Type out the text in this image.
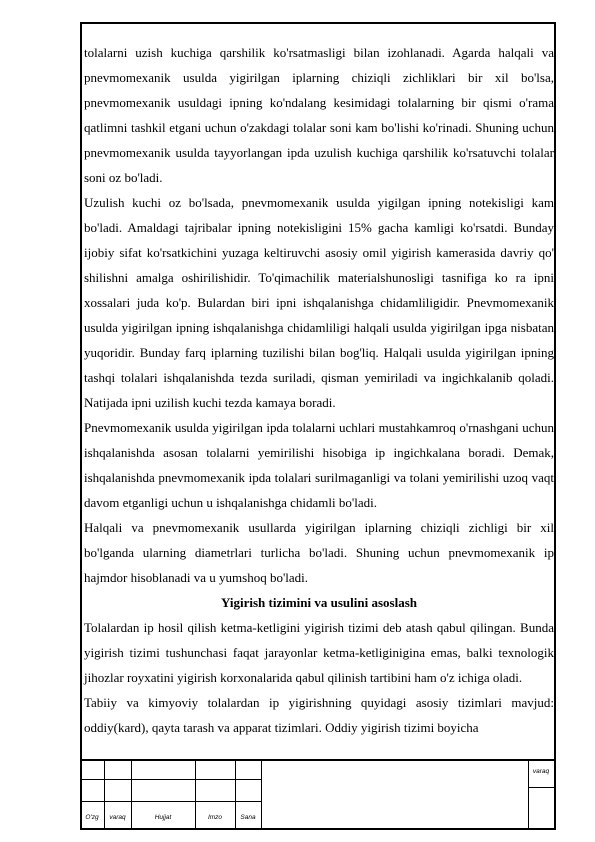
tolalarni uzish kuchiga qarshilik ko'rsatmasligi bilan izohlanadi. Agarda halqali va pnevmomexanik usulda yigirilgan iplarning chiziqli zichliklari bir xil bo'lsa, pnevmomexanik usuldagi ipning ko'ndalang kesimidagi tolalarning bir qismi o'rama qatlimni tashkil etgani uchun o'zakdagi tolalar soni kam bo'lishi ko'rinadi. Shuning uchun pnevmomexanik usulda tayyorlangan ipda uzulish kuchiga qarshilik ko'rsatuvchi tolalar soni oz bo'ladi.

Uzulish kuchi oz bo'lsada, pnevmomexanik usulda yigilgan ipning notekisligi kam bo'ladi. Amaldagi tajribalar ipning notekisligini 15% gacha kamligi ko'rsatdi. Bunday ijobiy sifat ko'rsatkichini yuzaga keltiruvchi asosiy omil yigirish kamerasida davriy qo' shilishni amalga oshirilishidir. To'qimachilik materialshunosligi tasnifiga ko ra ipni xossalari juda ko'p. Bulardan biri ipni ishqalanishga chidamliligidir. Pnevmomexanik usulda yigirilgan ipning ishqalanishga chidamliligi halqali usulda yigirilgan ipga nisbatan yuqoridir. Bunday farq iplarning tuzilishi bilan bog'liq. Halqali usulda yigirilgan ipning tashqi tolalari ishqalanishda tezda suriladi, qisman yemiriladi va ingichkalanib qoladi. Natijada ipni uzilish kuchi tezda kamaya boradi.

Pnevmomexanik usulda yigirilgan ipda tolalarni uchlari mustahkamroq o'rnashgani uchun ishqalanishda asosan tolalarni yemirilishi hisobiga ip ingichkalana boradi. Demak, ishqalanishda pnevmomexanik ipda tolalari surilmaganligi va tolani yemirilishi uzoq vaqt davom etganligi uchun u ishqalanishga chidamli bo'ladi.

Halqali va pnevmomexanik usullarda yigirilgan iplarning chiziqli zichligi bir xil bo'lganda ularning diametrlari turlicha bo'ladi. Shuning uchun pnevmomexanik ip hajmdor hisoblanadi va u yumshoq bo'ladi.

Yigirish tizimini va usulini asoslash

Tolalardan ip hosil qilish ketma-ketligini yigirish tizimi deb atash qabul qilingan. Bunda yigirish tizimi tushunchasi faqat jarayonlar ketma-ketliginigina emas, balki texnologik jihozlar royxatini yigirish korxonalarida qabul qilinish tartibini ham o'z ichiga oladi.

Tabiiy va kimyoviy tolalardan ip yigirishning quyidagi asosiy tizimlari mavjud: oddiy(kard), qayta tarash va apparat tizimlari. Oddiy yigirish tizimi boyicha

O'zg	varaq	Hujjat	Imzo	Sana
varaq
